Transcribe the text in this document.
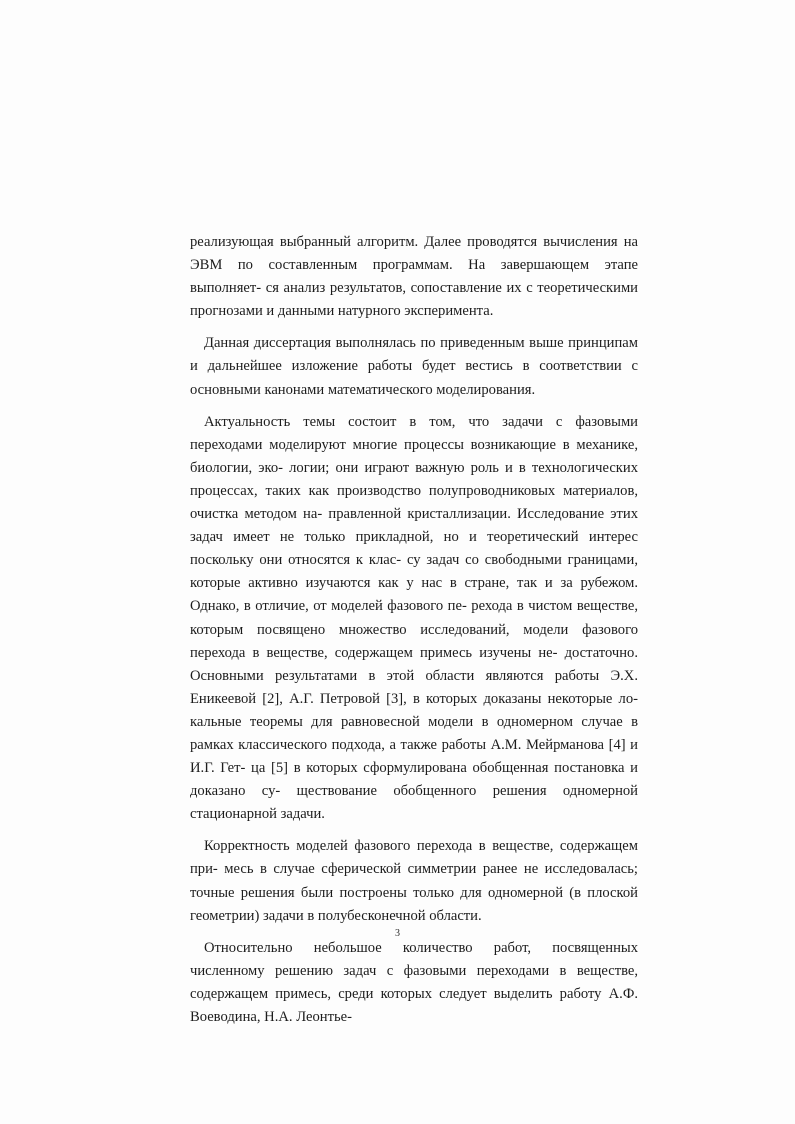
реализующая выбранный алгоритм. Далее проводятся вычисления на ЭВМ по составленным программам. На завершающем этапе выполняет- ся анализ результатов, сопоставление их с теоретическими прогнозами и данными натурного эксперимента.

Данная диссертация выполнялась по приведенным выше принципам и дальнейшее изложение работы будет вестись в соответствии с основными канонами математического моделирования.

Актуальность темы состоит в том, что задачи с фазовыми переходами моделируют многие процессы возникающие в механике, биологии, эко- логии; они играют важную роль и в технологических процессах, таких как производство полупроводниковых материалов, очистка методом на- правленной кристаллизации. Исследование этих задач имеет не только прикладной, но и теоретический интерес поскольку они относятся к клас- су задач со свободными границами, которые активно изучаются как у нас в стране, так и за рубежом. Однако, в отличие, от моделей фазового пе- рехода в чистом веществе, которым посвящено множество исследований, модели фазового перехода в веществе, содержащем примесь изучены не- достаточно. Основными результатами в этой области являются работы Э.Х. Еникеевой [2], А.Г. Петровой [3], в которых доказаны некоторые ло- кальные теоремы для равновесной модели в одномерном случае в рамках классического подхода, а также работы А.М. Мейрманова [4] и И.Г. Гет- ца [5] в которых сформулирована обобщенная постановка и доказано су- ществование обобщенного решения одномерной стационарной задачи.

Корректность моделей фазового перехода в веществе, содержащем при- месь в случае сферической симметрии ранее не исследовалась; точные решения были построены только для одномерной (в плоской геометрии) задачи в полубесконечной области.

Относительно небольшое количество работ, посвященных численному решению задач с фазовыми переходами в веществе, содержащем примесь, среди которых следует выделить работу А.Ф. Воеводина, Н.А. Леонтье-

3
